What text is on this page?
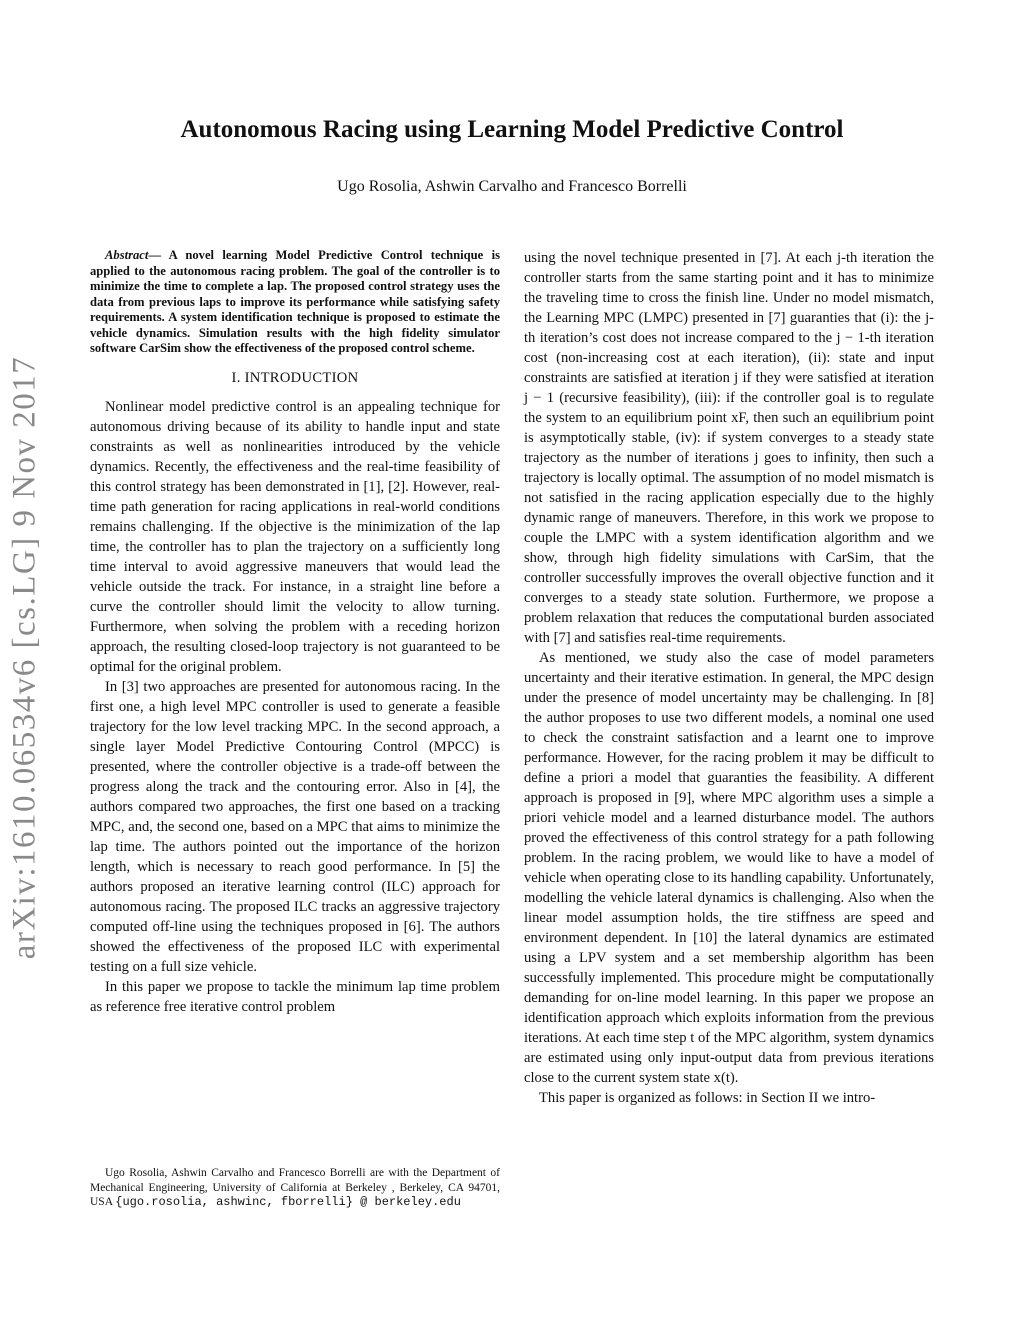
arXiv:1610.06534v6 [cs.LG] 9 Nov 2017
Autonomous Racing using Learning Model Predictive Control
Ugo Rosolia, Ashwin Carvalho and Francesco Borrelli

Abstract— A novel learning Model Predictive Control technique is applied to the autonomous racing problem. The goal of the controller is to minimize the time to complete a lap. The proposed control strategy uses the data from previous laps to improve its performance while satisfying safety requirements. A system identification technique is proposed to estimate the vehicle dynamics. Simulation results with the high fidelity simulator software CarSim show the effectiveness of the proposed control scheme.

I. INTRODUCTION

Nonlinear model predictive control is an appealing technique for autonomous driving because of its ability to handle input and state constraints as well as nonlinearities introduced by the vehicle dynamics. Recently, the effectiveness and the real-time feasibility of this control strategy has been demonstrated in [1], [2]. However, real-time path generation for racing applications in real-world conditions remains challenging. If the objective is the minimization of the lap time, the controller has to plan the trajectory on a sufficiently long time interval to avoid aggressive maneuvers that would lead the vehicle outside the track. For instance, in a straight line before a curve the controller should limit the velocity to allow turning. Furthermore, when solving the problem with a receding horizon approach, the resulting closed-loop trajectory is not guaranteed to be optimal for the original problem.

In [3] two approaches are presented for autonomous racing. In the first one, a high level MPC controller is used to generate a feasible trajectory for the low level tracking MPC. In the second approach, a single layer Model Predictive Contouring Control (MPCC) is presented, where the controller objective is a trade-off between the progress along the track and the contouring error. Also in [4], the authors compared two approaches, the first one based on a tracking MPC, and, the second one, based on a MPC that aims to minimize the lap time. The authors pointed out the importance of the horizon length, which is necessary to reach good performance. In [5] the authors proposed an iterative learning control (ILC) approach for autonomous racing. The proposed ILC tracks an aggressive trajectory computed off-line using the techniques proposed in [6]. The authors showed the effectiveness of the proposed ILC with experimental testing on a full size vehicle.

In this paper we propose to tackle the minimum lap time problem as reference free iterative control problem

Ugo Rosolia, Ashwin Carvalho and Francesco Borrelli are with the Department of Mechanical Engineering, University of California at Berkeley , Berkeley, CA 94701, USA {ugo.rosolia, ashwinc, fborrelli} @ berkeley.edu

using the novel technique presented in [7]. At each j-th iteration the controller starts from the same starting point and it has to minimize the traveling time to cross the finish line. Under no model mismatch, the Learning MPC (LMPC) presented in [7] guaranties that (i): the j-th iteration’s cost does not increase compared to the j − 1-th iteration cost (non-increasing cost at each iteration), (ii): state and input constraints are satisfied at iteration j if they were satisfied at iteration j − 1 (recursive feasibility), (iii): if the controller goal is to regulate the system to an equilibrium point xF, then such an equilibrium point is asymptotically stable, (iv): if system converges to a steady state trajectory as the number of iterations j goes to infinity, then such a trajectory is locally optimal. The assumption of no model mismatch is not satisfied in the racing application especially due to the highly dynamic range of maneuvers. Therefore, in this work we propose to couple the LMPC with a system identification algorithm and we show, through high fidelity simulations with CarSim, that the controller successfully improves the overall objective function and it converges to a steady state solution. Furthermore, we propose a problem relaxation that reduces the computational burden associated with [7] and satisfies real-time requirements.

As mentioned, we study also the case of model parameters uncertainty and their iterative estimation. In general, the MPC design under the presence of model uncertainty may be challenging. In [8] the author proposes to use two different models, a nominal one used to check the constraint satisfaction and a learnt one to improve performance. However, for the racing problem it may be difficult to define a priori a model that guaranties the feasibility. A different approach is proposed in [9], where MPC algorithm uses a simple a priori vehicle model and a learned disturbance model. The authors proved the effectiveness of this control strategy for a path following problem. In the racing problem, we would like to have a model of vehicle when operating close to its handling capability. Unfortunately, modelling the vehicle lateral dynamics is challenging. Also when the linear model assumption holds, the tire stiffness are speed and environment dependent. In [10] the lateral dynamics are estimated using a LPV system and a set membership algorithm has been successfully implemented. This procedure might be computationally demanding for on-line model learning. In this paper we propose an identification approach which exploits information from the previous iterations. At each time step t of the MPC algorithm, system dynamics are estimated using only input-output data from previous iterations close to the current system state x(t).

This paper is organized as follows: in Section II we intro-
